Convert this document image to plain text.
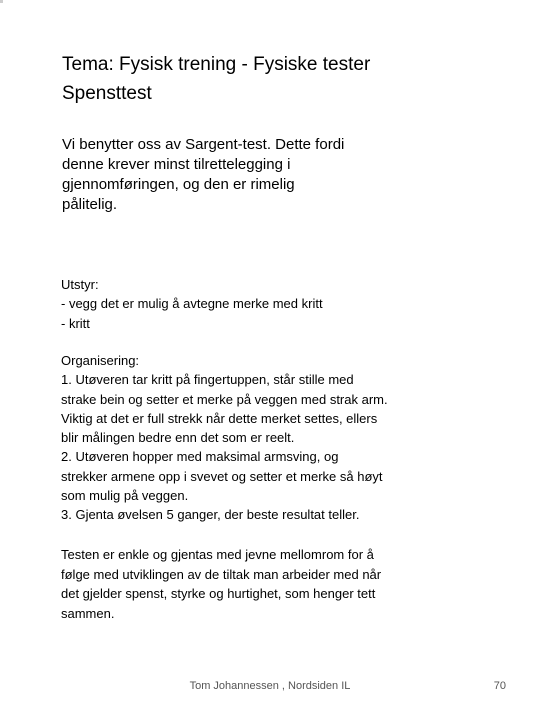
Tema: Fysisk trening - Fysiske tester
Spensttest
Vi benytter oss av Sargent-test. Dette fordi
denne krever minst tilrettelegging i
gjennomføringen, og den er rimelig
pålitelig.
Utstyr:
- vegg det er mulig å avtegne merke med kritt
- kritt
Organisering:
1. Utøveren tar kritt på fingertuppen, står stille med
strake bein og setter et merke på veggen med strak arm.
Viktig at det er full strekk når dette merket settes, ellers
blir målingen bedre enn det som er reelt.
2. Utøveren hopper med maksimal armsving, og
strekker armene opp i svevet og setter et merke så høyt
som mulig på veggen.
3. Gjenta øvelsen 5 ganger, der beste resultat teller.
Testen er enkle og gjentas med jevne mellomrom for å
følge med utviklingen av de tiltak man arbeider med når
det gjelder spenst, styrke og hurtighet, som henger tett
sammen.
Tom Johannessen , Nordsiden IL	70
